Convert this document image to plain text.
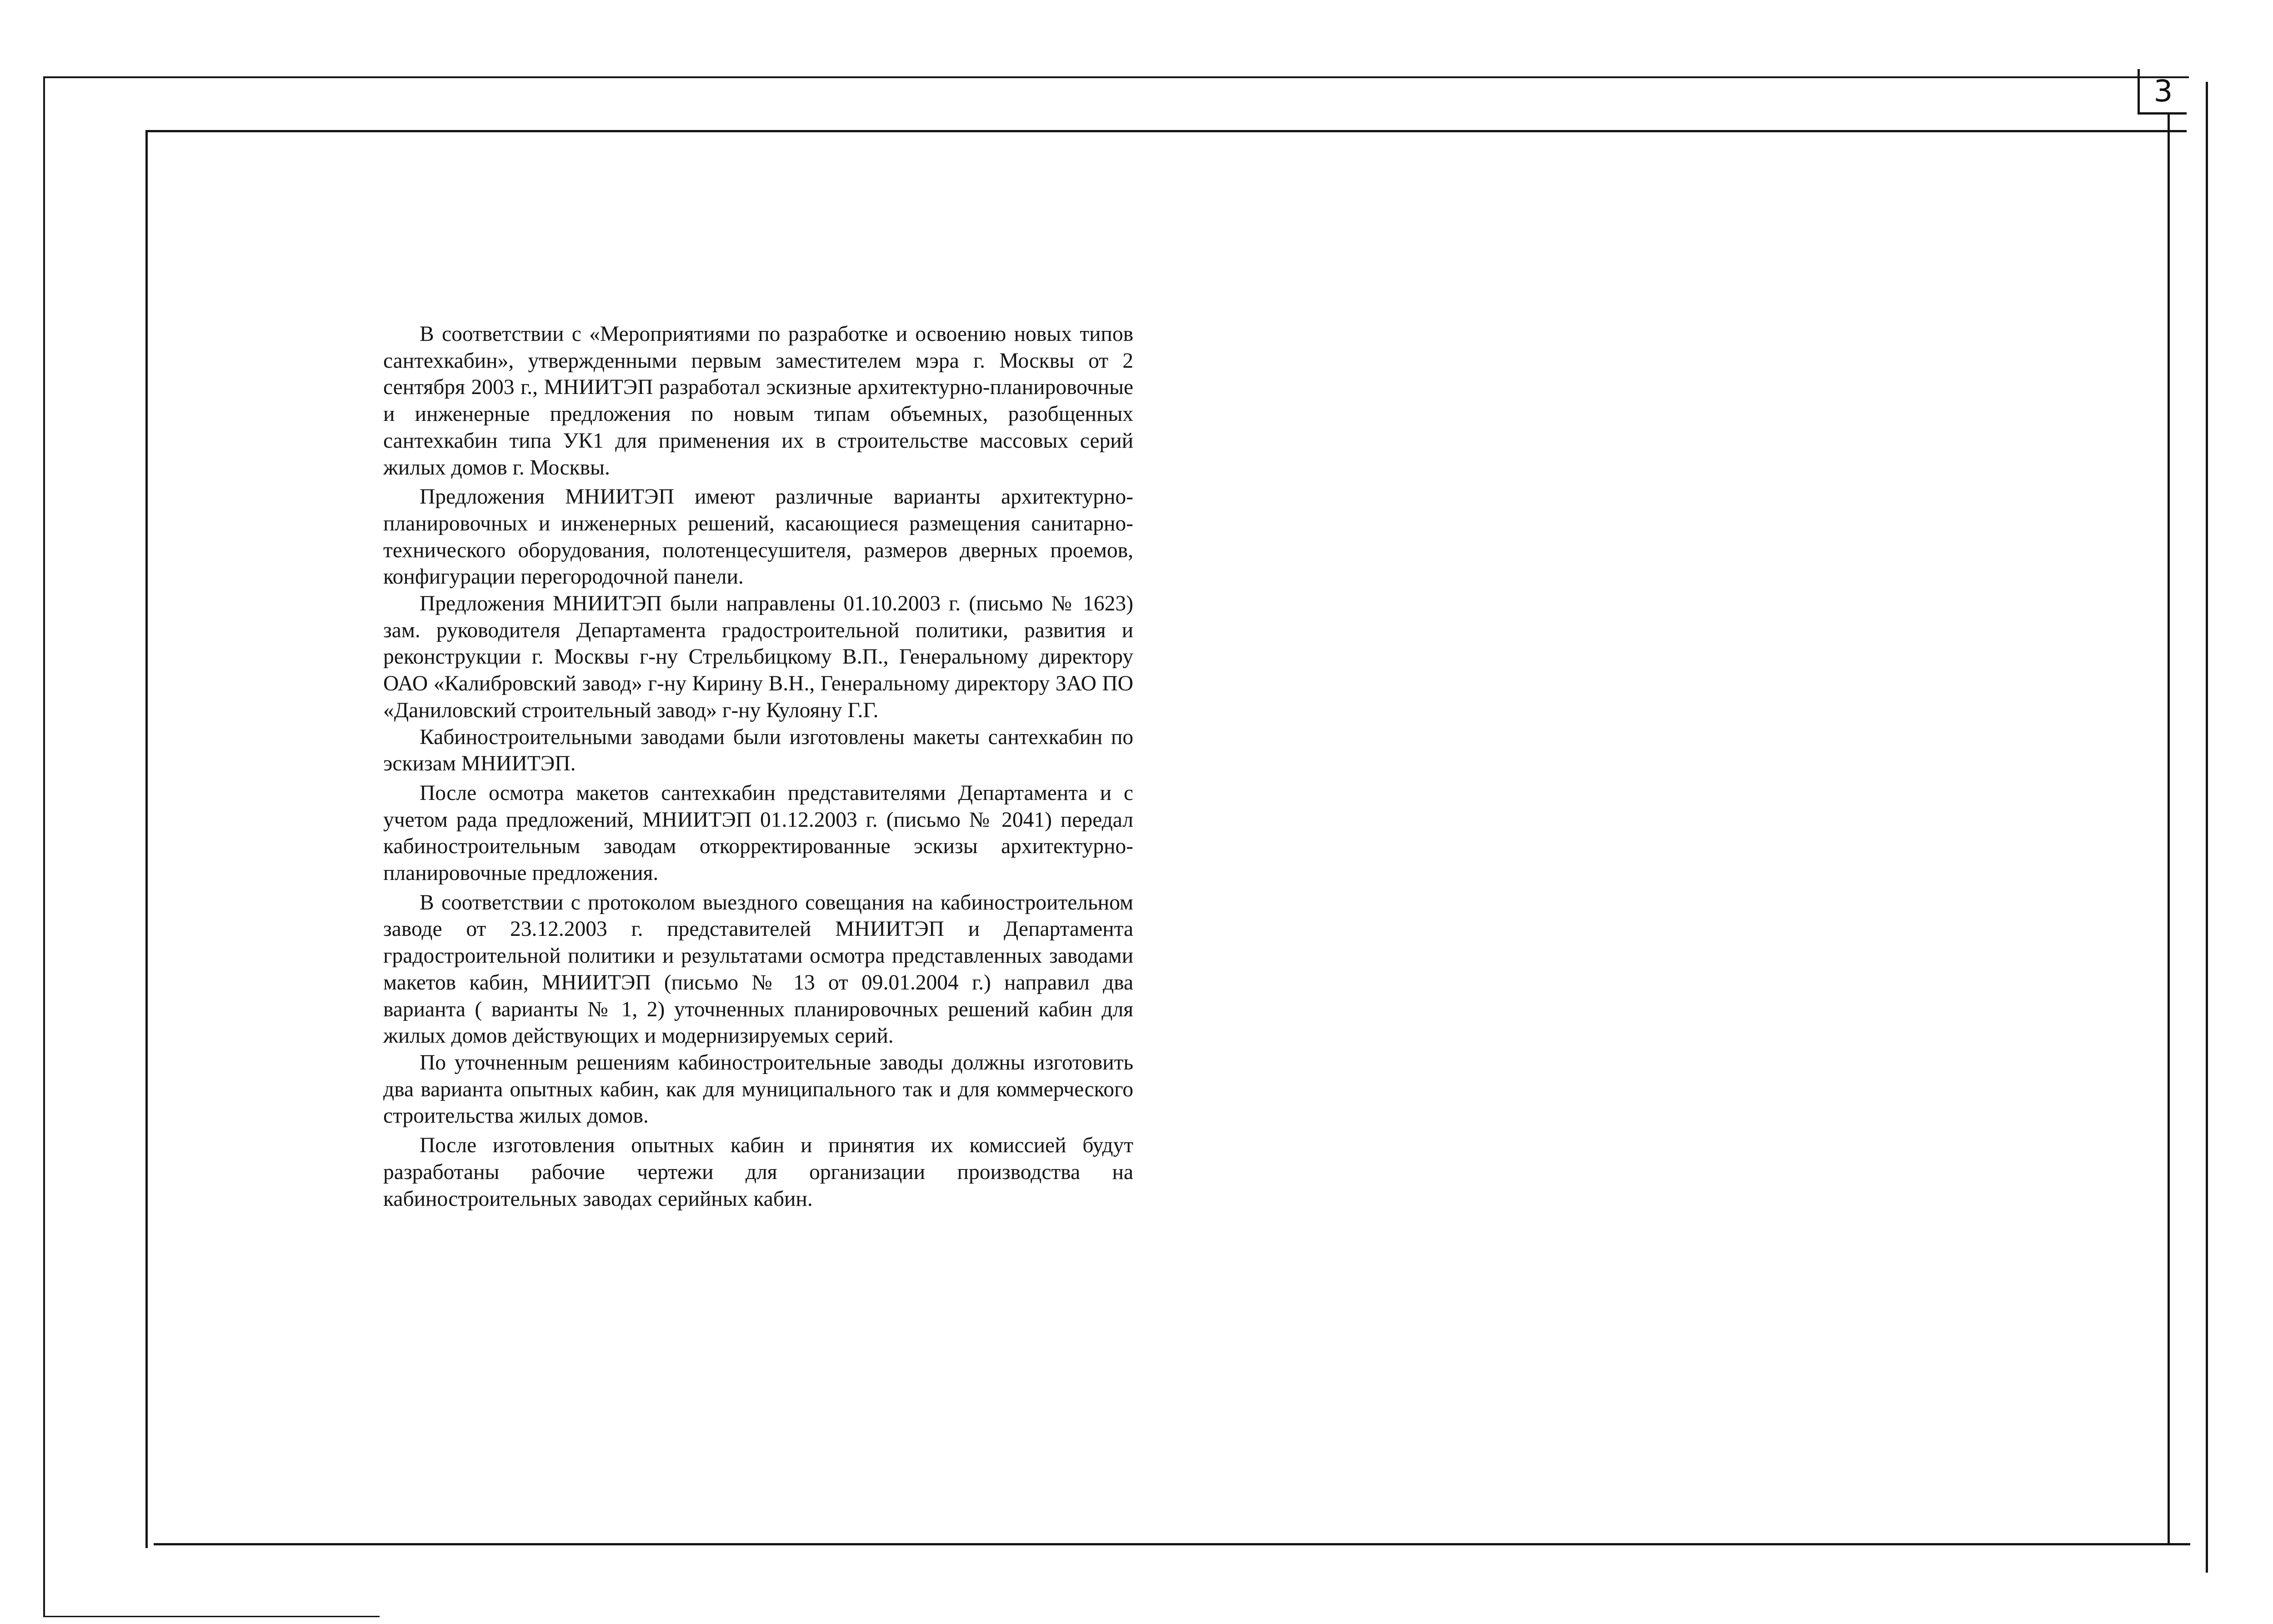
3

В соответствии с «Мероприятиями по разработке и освоению новых типов сантехкабин», утвержденными первым заместителем мэра г. Москвы от 2 сентября 2003 г., МНИИТЭП разработал эскизные архитектурно-планировочные и инженерные предложения по новым типам объемных, разобщенных сантехкабин типа УК1 для применения их в строительстве массовых серий жилых домов г. Москвы.

Предложения МНИИТЭП имеют различные варианты архитектурно-планировочных и инженерных решений, касающиеся размещения санитарно-технического оборудования, полотенцесушителя, размеров дверных проемов, конфигурации перегородочной панели.

Предложения МНИИТЭП были направлены 01.10.2003 г. (письмо № 1623) зам. руководителя Департамента градостроительной политики, развития и реконструкции г. Москвы г-ну Стрельбицкому В.П., Генеральному директору ОАО «Калибровский завод» г-ну Кирину В.Н., Генеральному директору ЗАО ПО «Даниловский строительный завод» г-ну Кулояну Г.Г.

Кабиностроительными заводами были изготовлены макеты сантехкабин по эскизам МНИИТЭП.

После осмотра макетов сантехкабин представителями Департамента и с учетом рада предложений, МНИИТЭП 01.12.2003 г. (письмо № 2041) передал кабиностроительным заводам откорректированные эскизы архитектурно-планировочные предложения.

В соответствии с протоколом выездного совещания на кабиностроительном заводе от 23.12.2003 г. представителей МНИИТЭП и Департамента градостроительной политики и результатами осмотра представленных заводами макетов кабин, МНИИТЭП (письмо № 13 от 09.01.2004 г.) направил два варианта ( варианты № 1, 2) уточненных планировочных решений кабин для жилых домов действующих и модернизируемых серий.

По уточненным решениям кабиностроительные заводы должны изготовить два варианта опытных кабин, как для муниципального так и для коммерческого строительства жилых домов.

После изготовления опытных кабин и принятия их комиссией будут разработаны рабочие чертежи для организации производства на кабиностроительных заводах серийных кабин.
